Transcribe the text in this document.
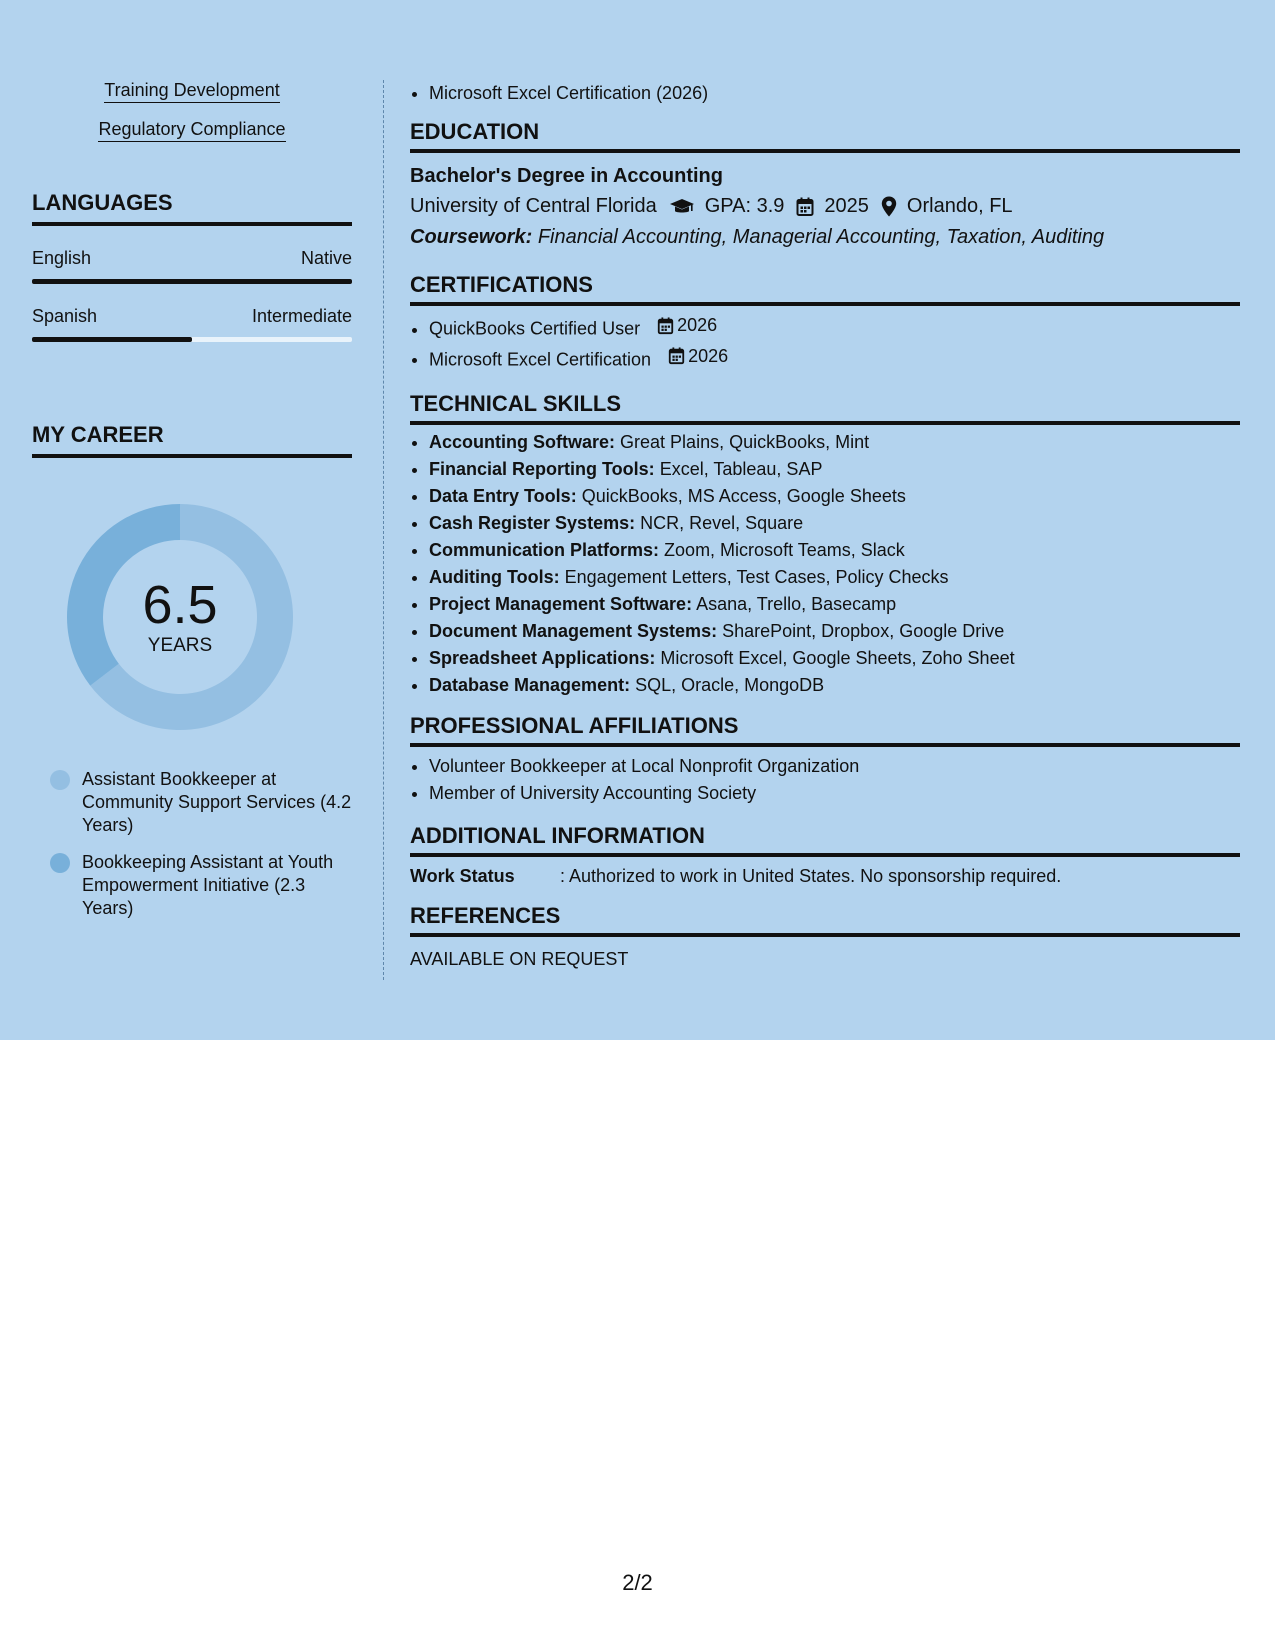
Training Development
Regulatory Compliance
LANGUAGES
English	Native
Spanish	Intermediate
MY CAREER
6.5
YEARS
Assistant Bookkeeper at Community Support Services (4.2 Years)
Bookkeeping Assistant at Youth Empowerment Initiative (2.3 Years)
• Microsoft Excel Certification (2026)
EDUCATION
Bachelor's Degree in Accounting
University of Central Florida GPA: 3.9 2025 Orlando, FL
Coursework: Financial Accounting, Managerial Accounting, Taxation, Auditing
CERTIFICATIONS
• QuickBooks Certified User 2026
• Microsoft Excel Certification 2026
TECHNICAL SKILLS
• Accounting Software: Great Plains, QuickBooks, Mint
• Financial Reporting Tools: Excel, Tableau, SAP
• Data Entry Tools: QuickBooks, MS Access, Google Sheets
• Cash Register Systems: NCR, Revel, Square
• Communication Platforms: Zoom, Microsoft Teams, Slack
• Auditing Tools: Engagement Letters, Test Cases, Policy Checks
• Project Management Software: Asana, Trello, Basecamp
• Document Management Systems: SharePoint, Dropbox, Google Drive
• Spreadsheet Applications: Microsoft Excel, Google Sheets, Zoho Sheet
• Database Management: SQL, Oracle, MongoDB
PROFESSIONAL AFFILIATIONS
• Volunteer Bookkeeper at Local Nonprofit Organization
• Member of University Accounting Society
ADDITIONAL INFORMATION
Work Status	: Authorized to work in United States. No sponsorship required.
REFERENCES
AVAILABLE ON REQUEST
2/2
